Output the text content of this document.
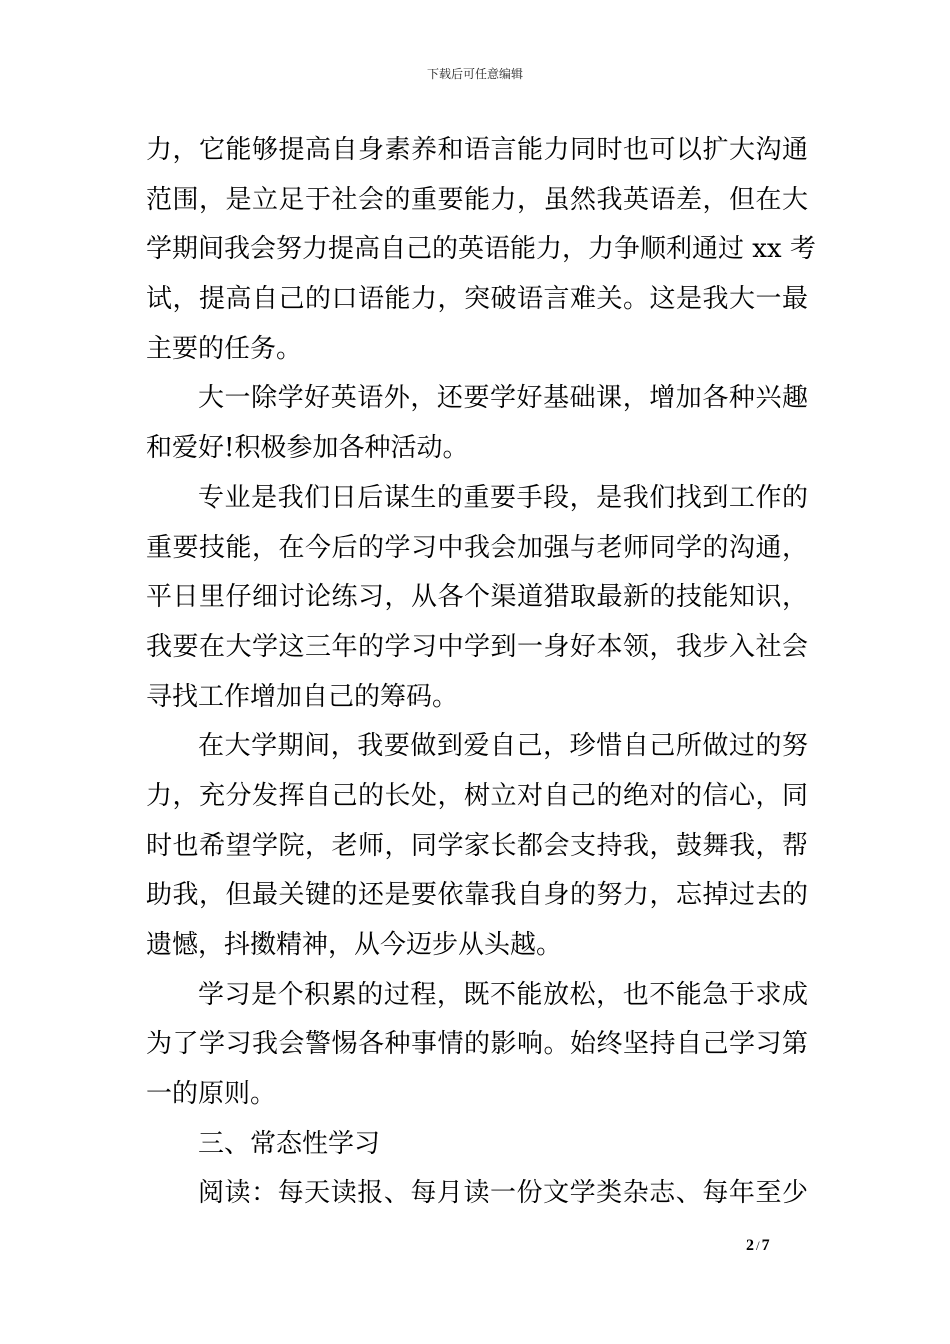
下载后可任意编辑
力，它能够提高自身素养和语言能力同时也可以扩大沟通
范围，是立足于社会的重要能力，虽然我英语差，但在大
学期间我会努力提高自己的英语能力，力争顺利通过 xx 考
试，提高自己的口语能力，突破语言难关。这是我大一最
主要的任务。
大一除学好英语外，还要学好基础课，增加各种兴趣
和爱好!积极参加各种活动。
专业是我们日后谋生的重要手段，是我们找到工作的
重要技能，在今后的学习中我会加强与老师同学的沟通，
平日里仔细讨论练习，从各个渠道猎取最新的技能知识，
我要在大学这三年的学习中学到一身好本领，我步入社会
寻找工作增加自己的筹码。
在大学期间，我要做到爱自己，珍惜自己所做过的努
力，充分发挥自己的长处，树立对自己的绝对的信心，同
时也希望学院，老师，同学家长都会支持我，鼓舞我，帮
助我，但最关键的还是要依靠我自身的努力，忘掉过去的
遗憾，抖擞精神，从今迈步从头越。
学习是个积累的过程，既不能放松，也不能急于求成
为了学习我会警惕各种事情的影响。始终坚持自己学习第
一的原则。
三、常态性学习
阅读：每天读报、每月读一份文学类杂志、每年至少
2 / 7
